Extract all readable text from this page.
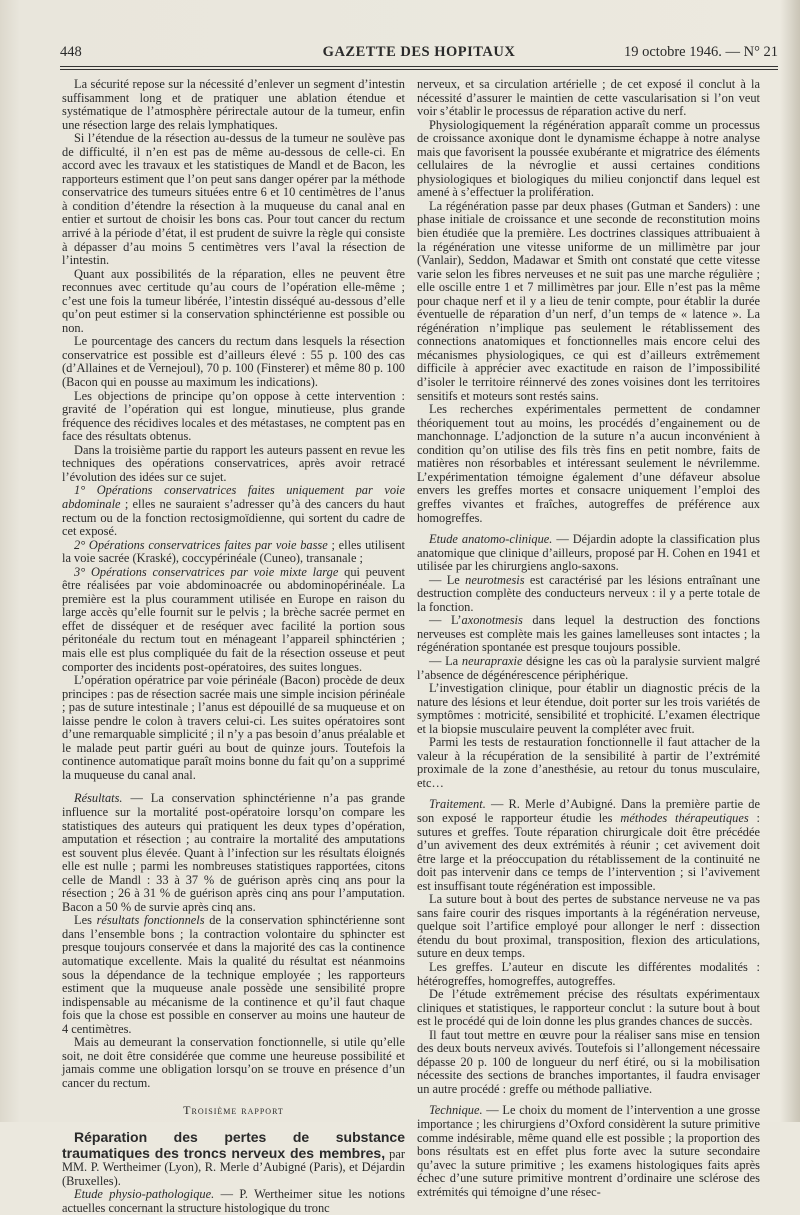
448	GAZETTE DES HOPITAUX	19 octobre 1946. — N° 21

La sécurité repose sur la nécessité d’enlever un segment d’intestin suffisamment long et de pratiquer une ablation étendue et systématique de l’atmosphère périrectale autour de la tumeur, enfin une résection large des relais lymphatiques.

Si l’étendue de la résection au-dessus de la tumeur ne soulève pas de difficulté, il n’en est pas de même au-dessous de celle-ci. En accord avec les travaux et les statistiques de Mandl et de Bacon, les rapporteurs estiment que l’on peut sans danger opérer par la méthode conservatrice des tumeurs situées entre 6 et 10 centimètres de l’anus à condition d’étendre la résection à la muqueuse du canal anal en entier et surtout de choisir les bons cas. Pour tout cancer du rectum arrivé à la période d’état, il est prudent de suivre la règle qui consiste à dépasser d’au moins 5 centimètres vers l’aval la résection de l’intestin.

Quant aux possibilités de la réparation, elles ne peuvent être reconnues avec certitude qu’au cours de l’opération elle-même ; c’est une fois la tumeur libérée, l’intestin disséqué au-dessous d’elle qu’on peut estimer si la conservation sphinctérienne est possible ou non.

Le pourcentage des cancers du rectum dans lesquels la résection conservatrice est possible est d’ailleurs élevé : 55 p. 100 des cas (d’Allaines et de Vernejoul), 70 p. 100 (Finsterer) et même 80 p. 100 (Bacon qui en pousse au maximum les indications).

Les objections de principe qu’on oppose à cette intervention : gravité de l’opération qui est longue, minutieuse, plus grande fréquence des récidives locales et des métastases, ne comptent pas en face des résultats obtenus.

Dans la troisième partie du rapport les auteurs passent en revue les techniques des opérations conservatrices, après avoir retracé l’évolution des idées sur ce sujet.

1° Opérations conservatrices faites uniquement par voie abdominale ; elles ne sauraient s’adresser qu’à des cancers du haut rectum ou de la fonction rectosigmoïdienne, qui sortent du cadre de cet exposé.

2° Opérations conservatrices faites par voie basse ; elles utilisent la voie sacrée (Kraské), coccypérinéale (Cuneo), transanale ;

3° Opérations conservatrices par voie mixte large qui peuvent être réalisées par voie abdominoacrée ou abdominopérinéale. La première est la plus couramment utilisée en Europe en raison du large accès qu’elle fournit sur le pelvis ; la brèche sacrée permet en effet de disséquer et de reséquer avec facilité la portion sous péritonéale du rectum tout en ménageant l’appareil sphinctérien ; mais elle est plus compliquée du fait de la résection osseuse et peut comporter des incidents post-opératoires, des suites longues.

L’opération opératrice par voie périnéale (Bacon) procède de deux principes : pas de résection sacrée mais une simple incision périnéale ; pas de suture intestinale ; l’anus est dépouillé de sa muqueuse et on laisse pendre le colon à travers celui-ci. Les suites opératoires sont d’une remarquable simplicité ; il n’y a pas besoin d’anus préalable et le malade peut partir guéri au bout de quinze jours. Toutefois la continence automatique paraît moins bonne du fait qu’on a supprimé la muqueuse du canal anal.

Résultats. — La conservation sphinctérienne n’a pas grande influence sur la mortalité post-opératoire lorsqu’on compare les statistiques des auteurs qui pratiquent les deux types d’opération, amputation et résection ; au contraire la mortalité des amputations est souvent plus élevée. Quant à l’infection sur les résultats éloignés elle est nulle ; parmi les nombreuses statistiques rapportées, citons celle de Mandl : 33 à 37 % de guérison après cinq ans pour la résection ; 26 à 31 % de guérison après cinq ans pour l’amputation. Bacon a 50 % de survie après cinq ans.

Les résultats fonctionnels de la conservation sphinctérienne sont dans l’ensemble bons ; la contraction volontaire du sphincter est presque toujours conservée et dans la majorité des cas la continence automatique excellente. Mais la qualité du résultat est néanmoins sous la dépendance de la technique employée ; les rapporteurs estiment que la muqueuse anale possède une sensibilité propre indispensable au mécanisme de la continence et qu’il faut chaque fois que la chose est possible en conserver au moins une hauteur de 4 centimètres.

Mais au demeurant la conservation fonctionnelle, si utile qu’elle soit, ne doit être considérée que comme une heureuse possibilité et jamais comme une obligation lorsqu’on se trouve en présence d’un cancer du rectum.

Troisième rapport

Réparation des pertes de substance traumatiques des troncs nerveux des membres, par MM. P. Wertheimer (Lyon), R. Merle d’Aubigné (Paris), et Déjardin (Bruxelles).

Etude physio-pathologique. — P. Wertheimer situe les notions actuelles concernant la structure histologique du tronc

nerveux, et sa circulation artérielle ; de cet exposé il conclut à la nécessité d’assurer le maintien de cette vascularisation si l’on veut voir s’établir le processus de réparation active du nerf.

Physiologiquement la régénération apparaît comme un processus de croissance axonique dont le dynamisme échappe à notre analyse mais que favorisent la poussée exubérante et migratrice des éléments cellulaires de la névroglie et aussi certaines conditions physiologiques et biologiques du milieu conjonctif dans lequel est amené à s’effectuer la prolifération.

La régénération passe par deux phases (Gutman et Sanders) : une phase initiale de croissance et une seconde de reconstitution moins bien étudiée que la première. Les doctrines classiques attribuaient à la régénération une vitesse uniforme de un millimètre par jour (Vanlair), Seddon, Madawar et Smith ont constaté que cette vitesse varie selon les fibres nerveuses et ne suit pas une marche régulière ; elle oscille entre 1 et 7 millimètres par jour. Elle n’est pas la même pour chaque nerf et il y a lieu de tenir compte, pour établir la durée éventuelle de réparation d’un nerf, d’un temps de « latence ». La régénération n’implique pas seulement le rétablissement des connections anatomiques et fonctionnelles mais encore celui des mécanismes physiologiques, ce qui est d’ailleurs extrêmement difficile à apprécier avec exactitude en raison de l’impossibilité d’isoler le territoire réinnervé des zones voisines dont les territoires sensitifs et moteurs sont restés sains.

Les recherches expérimentales permettent de condamner théoriquement tout au moins, les procédés d’engainement ou de manchonnage. L’adjonction de la suture n’a aucun inconvénient à condition qu’on utilise des fils très fins en petit nombre, faits de matières non résorbables et intéressant seulement le névrilemme. L’expérimentation témoigne également d’une défaveur absolue envers les greffes mortes et consacre uniquement l’emploi des greffes vivantes et fraîches, autogreffes de préférence aux homogreffes.

Etude anatomo-clinique. — Déjardin adopte la classification plus anatomique que clinique d’ailleurs, proposé par H. Cohen en 1941 et utilisée par les chirurgiens anglo-saxons.

— Le neurotmesis est caractérisé par les lésions entraînant une destruction complète des conducteurs nerveux : il y a perte totale de la fonction.

— L’axonotmesis dans lequel la destruction des fonctions nerveuses est complète mais les gaines lamelleuses sont intactes ; la régénération spontanée est presque toujours possible.

— La neurapraxie désigne les cas où la paralysie survient malgré l’absence de dégénérescence périphérique.

L’investigation clinique, pour établir un diagnostic précis de la nature des lésions et leur étendue, doit porter sur les trois variétés de symptômes : motricité, sensibilité et trophicité. L’examen électrique et la biopsie musculaire peuvent la compléter avec fruit.

Parmi les tests de restauration fonctionnelle il faut attacher de la valeur à la récupération de la sensibilité à partir de l’extrémité proximale de la zone d’anesthésie, au retour du tonus musculaire, etc…

Traitement. — R. Merle d’Aubigné. Dans la première partie de son exposé le rapporteur étudie les méthodes thérapeutiques : sutures et greffes. Toute réparation chirurgicale doit être précédée d’un avivement des deux extrémités à réunir ; cet avivement doit être large et la préoccupation du rétablissement de la continuité ne doit pas intervenir dans ce temps de l’intervention ; si l’avivement est insuffisant toute régénération est impossible.

La suture bout à bout des pertes de substance nerveuse ne va pas sans faire courir des risques importants à la régénération nerveuse, quelque soit l’artifice employé pour allonger le nerf : dissection étendu du bout proximal, transposition, flexion des articulations, suture en deux temps.

Les greffes. L’auteur en discute les différentes modalités : hétérogreffes, homogreffes, autogreffes.

De l’étude extrêmement précise des résultats expérimentaux cliniques et statistiques, le rapporteur conclut : la suture bout à bout est le procédé qui de loin donne les plus grandes chances de succès.

Il faut tout mettre en œuvre pour la réaliser sans mise en tension des deux bouts nerveux avivés. Toutefois si l’allongement nécessaire dépasse 20 p. 100 de longueur du nerf étiré, ou si la mobilisation nécessite des sections de branches importantes, il faudra envisager un autre procédé : greffe ou méthode palliative.

Technique. — Le choix du moment de l’intervention a une grosse importance ; les chirurgiens d’Oxford considèrent la suture primitive comme indésirable, même quand elle est possible ; la proportion des bons résultats est en effet plus forte avec la suture secondaire qu’avec la suture primitive ; les examens histologiques faits après échec d’une suture primitive montrent d’ordinaire une sclérose des extrémités qui témoigne d’une résec-
